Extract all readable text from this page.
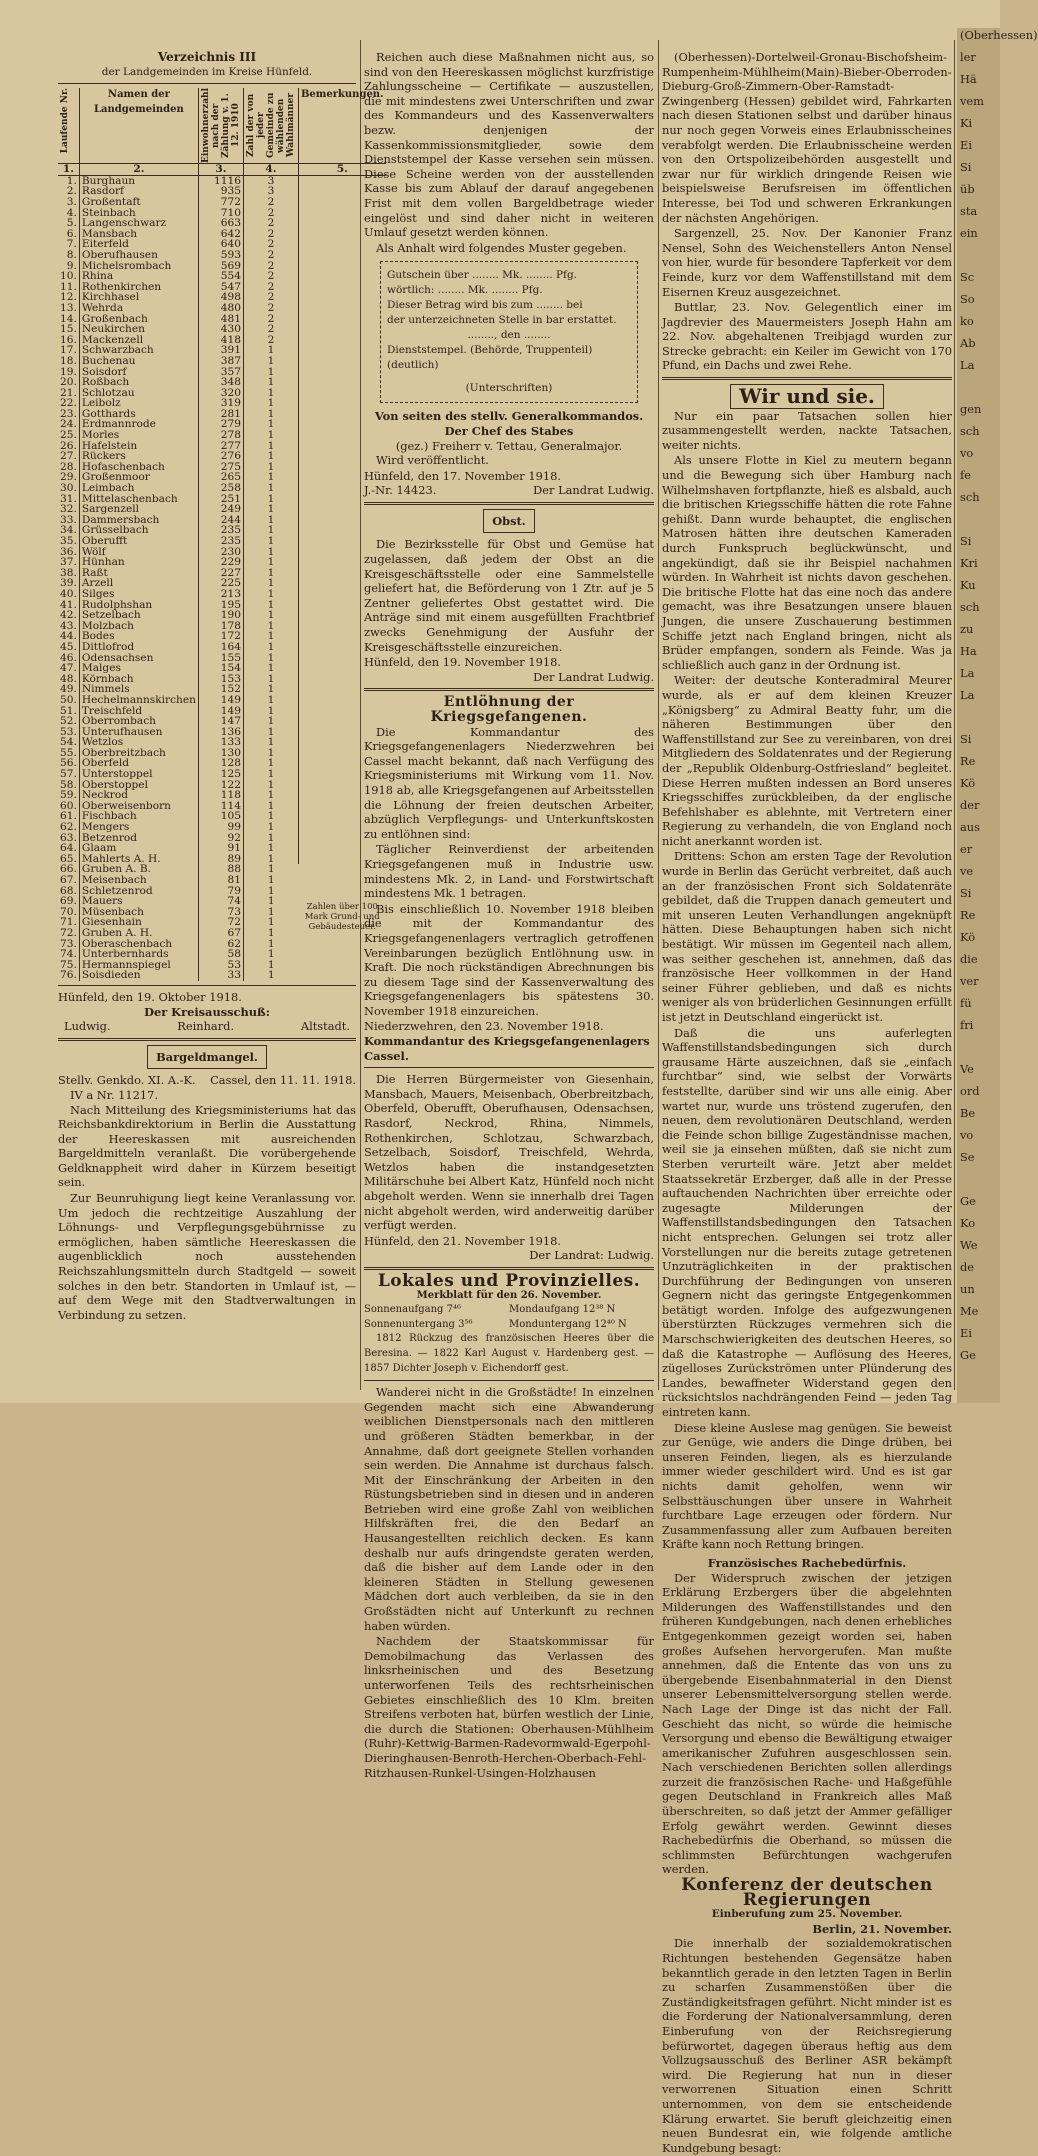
Verzeichnis III
der Landgemeinden im Kreise Hünfeld.
Laufende Nr.	Namen der Landgemeinden	Einwohnerzahl nach der Zählung v. 1. 12. 1910	Zahl der von jeder Gemeinde zu wählenden Wahlmänner	Bemerkungen.
1.	2.	3.	4.	5.
1.	Burghaun	1116	3	
2.	Rasdorf	935	3	
3.	Großentaft	772	2	
4.	Steinbach	710	2	
5.	Langenschwarz	663	2	
6.	Mansbach	642	2	
7.	Eiterfeld	640	2	
8.	Oberufhausen	593	2	
9.	Michelsrombach	569	2	
10.	Rhina	554	2	
11.	Rothenkirchen	547	2	
12.	Kirchhasel	498	2	
13.	Wehrda	480	2	
14.	Großenbach	481	2	
15.	Neukirchen	430	2	
16.	Mackenzell	418	2	
17.	Schwarzbach	391	1	
18.	Buchenau	387	1	
19.	Soisdorf	357	1	
20.	Roßbach	348	1	
21.	Schlotzau	320	1	
22.	Leibolz	319	1	
23.	Gotthards	281	1	
24.	Erdmannrode	279	1	
25.	Morles	278	1	
26.	Hafelstein	277	1	
27.	Rückers	276	1	
28.	Hofaschenbach	275	1	
29.	Großenmoor	265	1	
30.	Leimbach	258	1	
31.	Mittelaschenbach	251	1	
32.	Sargenzell	249	1	
33.	Dammersbach	244	1	
34.	Grüsselbach	235	1	
35.	Oberufft	235	1	
36.	Wölf	230	1	
37.	Hünhan	229	1	
38.	Raßt	227	1	
39.	Arzell	225	1	
40.	Silges	213	1	
41.	Rudolphshan	195	1	
42.	Setzelbach	190	1	
43.	Molzbach	178	1	
44.	Bodes	172	1	
45.	Dittlofrod	164	1	
46.	Odensachsen	155	1	
47.	Malges	154	1	
48.	Körnbach	153	1	
49.	Nimmels	152	1	
50.	Hechelmannskirchen	149	1	
51.	Treischfeld	149	1	
52.	Oberrombach	147	1	
53.	Unterufhausen	136	1	
54.	Wetzlos	133	1	
55.	Oberbreitzbach	130	1	
56.	Oberfeld	128	1	
57.	Unterstoppel	125	1	
58.	Oberstoppel	122	1	
59.	Neckrod	118	1	
60.	Oberweisenborn	114	1	
61.	Fischbach	105	1	
62.	Mengers	99	1	
63.	Betzenrod	92	1	
64.	Glaam	91	1	
65.	Mahlerts A. H.	89	1	Zahlen über 100 Mark Grund- und Gebäudesteuer.
66.	Gruben A. B.	88	1	
67.	Meisenbach	81	1	
68.	Schletzenrod	79	1	
69.	Mauers	74	1	
70.	Müsenbach	73	1	
71.	Giesenhain	72	1	
72.	Gruben A. H.	67	1	
73.	Oberaschenbach	62	1	
74.	Unterbernhards	58	1	
75.	Hermannspiegel	53	1	
76.	Soisdieden	33	1	
Hünfeld, den 19. Oktober 1918.
Der Kreisausschuß:
Ludwig.	Reinhard.	Altstadt.
Bargeldmangel.
Stellv. Genkdo. XI. A.-K. Cassel, den 11. 11. 1918.
IV a Nr. 11217.

Nach Mitteilung des Kriegsministeriums hat das Reichsbankdirektorium in Berlin die Ausstattung der Heereskassen mit ausreichenden Bargeldmitteln veranlaßt. Die vorübergehende Geldknappheit wird daher in Kürzem beseitigt sein.

Zur Beunruhigung liegt keine Veranlassung vor. Um jedoch die rechtzeitige Auszahlung der Löhnungs- und Verpflegungsgebührnisse zu ermöglichen, haben sämtliche Heereskassen die augenblicklich noch ausstehenden Reichszahlungsmitteln durch Stadtgeld — soweit solches in den betr. Standorten in Umlauf ist, — auf dem Wege mit den Stadtverwaltungen in Verbindung zu setzen.

Reichen auch diese Maßnahmen nicht aus, so sind von den Heereskassen möglichst kurzfristige Zahlungsscheine — Certifikate — auszustellen, die mit mindestens zwei Unterschriften und zwar des Kommandeurs und des Kassenverwalters bezw. denjenigen der Kassenkommissionsmitglieder, sowie dem Dienststempel der Kasse versehen sein müssen. Diese Scheine werden von der ausstellenden Kasse bis zum Ablauf der darauf angegebenen Frist mit dem vollen Bargeldbetrage wieder eingelöst und sind daher nicht in weiteren Umlauf gesetzt werden können.

Als Anhalt wird folgendes Muster gegeben.

Gutschein über ........ Mk. ........ Pfg.
wörtlich: ........ Mk. ........ Pfg.
Dieser Betrag wird bis zum ........ bei
der unterzeichneten Stelle in bar erstattet.
........, den ........
Dienststempel. (Behörde, Truppenteil)
(deutlich)
(Unterschriften)
Von seiten des stellv. Generalkommandos.
Der Chef des Stabes
(gez.) Freiherr v. Tettau, Generalmajor.

Wird veröffentlicht.

Hünfeld, den 17. November 1918.
J.-Nr. 14423.	Der Landrat Ludwig.
Obst.

Die Bezirksstelle für Obst und Gemüse hat zugelassen, daß jedem der Obst an die Kreisgeschäftsstelle oder eine Sammelstelle geliefert hat, die Beförderung von 1 Ztr. auf je 5 Zentner geliefertes Obst gestattet wird. Die Anträge sind mit einem ausgefüllten Frachtbrief zwecks Genehmigung der Ausfuhr der Kreisgeschäftsstelle einzureichen.

Hünfeld, den 19. November 1918.
Der Landrat Ludwig.
Entlöhnung der Kriegsgefangenen.

Die Kommandantur des Kriegsgefangenenlagers Niederzwehren bei Cassel macht bekannt, daß nach Verfügung des Kriegsministeriums mit Wirkung vom 11. Nov. 1918 ab, alle Kriegsgefangenen auf Arbeitsstellen die Löhnung der freien deutschen Arbeiter, abzüglich Verpflegungs- und Unterkunftskosten zu entlöhnen sind:

Täglicher Reinverdienst der arbeitenden Kriegsgefangenen muß in Industrie usw. mindestens Mk. 2, in Land- und Forstwirtschaft mindestens Mk. 1 betragen.

Bis einschließlich 10. November 1918 bleiben die mit der Kommandantur des Kriegsgefangenenlagers vertraglich getroffenen Vereinbarungen bezüglich Entlöhnung usw. in Kraft. Die noch rückständigen Abrechnungen bis zu diesem Tage sind der Kassenverwaltung des Kriegsgefangenenlagers bis spätestens 30. November 1918 einzureichen.

Niederzwehren, den 23. November 1918.
Kommandantur des Kriegsgefangenenlagers Cassel.

Die Herren Bürgermeister von Giesenhain, Mansbach, Mauers, Meisenbach, Oberbreitzbach, Oberfeld, Oberufft, Oberufhausen, Odensachsen, Rasdorf, Neckrod, Rhina, Nimmels, Rothenkirchen, Schlotzau, Schwarzbach, Setzelbach, Soisdorf, Treischfeld, Wehrda, Wetzlos haben die instandgesetzten Militärschuhe bei Albert Katz, Hünfeld noch nicht abgeholt werden. Wenn sie innerhalb drei Tagen nicht abgeholt werden, wird anderweitig darüber verfügt werden.

Hünfeld, den 21. November 1918.
Der Landrat: Ludwig.
Lokales und Provinzielles.
Merkblatt für den 26. November.
Sonnenaufgang 7⁴⁶	Mondaufgang 12³⁸ N
Sonnenuntergang 3⁵⁶	Monduntergang 12⁴⁰ N

1812 Rückzug des französischen Heeres über die Beresina. — 1822 Karl August v. Hardenberg gest. — 1857 Dichter Joseph v. Eichendorff gest.

Wanderei nicht in die Großstädte! In einzelnen Gegenden macht sich eine Abwanderung weiblichen Dienstpersonals nach den mittleren und größeren Städten bemerkbar, in der Annahme, daß dort geeignete Stellen vorhanden sein werden. Die Annahme ist durchaus falsch. Mit der Einschränkung der Arbeiten in den Rüstungsbetrieben sind in diesen und in anderen Betrieben wird eine große Zahl von weiblichen Hilfskräften frei, die den Bedarf an Hausangestellten reichlich decken. Es kann deshalb nur aufs dringendste geraten werden, daß die bisher auf dem Lande oder in den kleineren Städten in Stellung gewesenen Mädchen dort auch verbleiben, da sie in den Großstädten nicht auf Unterkunft zu rechnen haben würden.

Nachdem der Staatskommissar für Demobilmachung das Verlassen des linksrheinischen und des Besetzung unterworfenen Teils des rechtsrheinischen Gebietes einschließlich des 10 Klm. breiten Streifens verboten hat, bürfen westlich der Linie, die durch die Stationen: Oberhausen-Mühlheim (Ruhr)-Kettwig-Barmen-Radevormwald-Egerpohl-Dieringhausen-Benroth-Herchen-Oberbach-Fehl-Ritzhausen-Runkel-Usingen-Holzhausen

(Oberhessen)-Dortelweil-Gronau-Bischofsheim-Rumpenheim-Mühlheim(Main)-Bieber-Oberroden-Dieburg-Groß-Zimmern-Ober-Ramstadt-Zwingenberg (Hessen) gebildet wird, Fahrkarten nach diesen Stationen selbst und darüber hinaus nur noch gegen Vorweis eines Erlaubnisscheines verabfolgt werden. Die Erlaubnisscheine werden von den Ortspolizeibehörden ausgestellt und zwar nur für wirklich dringende Reisen wie beispielsweise Berufsreisen im öffentlichen Interesse, bei Tod und schweren Erkrankungen der nächsten Angehörigen.

Sargenzell, 25. Nov. Der Kanonier Franz Nensel, Sohn des Weichenstellers Anton Nensel von hier, wurde für besondere Tapferkeit vor dem Feinde, kurz vor dem Waffenstillstand mit dem Eisernen Kreuz ausgezeichnet.

Buttlar, 23. Nov. Gelegentlich einer im Jagdrevier des Mauermeisters Joseph Hahn am 22. Nov. abgehaltenen Treibjagd wurden zur Strecke gebracht: ein Keiler im Gewicht von 170 Pfund, ein Dachs und zwei Rehe.

Wir und sie.

Nur ein paar Tatsachen sollen hier zusammengestellt werden, nackte Tatsachen, weiter nichts.

Als unsere Flotte in Kiel zu meutern begann und die Bewegung sich über Hamburg nach Wilhelmshaven fortpflanzte, hieß es alsbald, auch die britischen Kriegsschiffe hätten die rote Fahne gehißt. Dann wurde behauptet, die englischen Matrosen hätten ihre deutschen Kameraden durch Funkspruch beglückwünscht, und angekündigt, daß sie ihr Beispiel nachahmen würden. In Wahrheit ist nichts davon geschehen. Die britische Flotte hat das eine noch das andere gemacht, was ihre Besatzungen unsere blauen Jungen, die unsere Zuschauerung bestimmen Schiffe jetzt nach England bringen, nicht als Brüder empfangen, sondern als Feinde. Was ja schließlich auch ganz in der Ordnung ist.

Weiter: der deutsche Konteradmiral Meurer wurde, als er auf dem kleinen Kreuzer „Königsberg“ zu Admiral Beatty fuhr, um die näheren Bestimmungen über den Waffenstillstand zur See zu vereinbaren, von drei Mitgliedern des Soldatenrates und der Regierung der „Republik Oldenburg-Ostfriesland“ begleitet. Diese Herren mußten indessen an Bord unseres Kriegsschiffes zurückbleiben, da der englische Befehlshaber es ablehnte, mit Vertretern einer Regierung zu verhandeln, die von England noch nicht anerkannt worden ist.

Drittens: Schon am ersten Tage der Revolution wurde in Berlin das Gerücht verbreitet, daß auch an der französischen Front sich Soldatenräte gebildet, daß die Truppen danach gemeutert und mit unseren Leuten Verhandlungen angeknüpft hätten. Diese Behauptungen haben sich nicht bestätigt. Wir müssen im Gegenteil nach allem, was seither geschehen ist, annehmen, daß das französische Heer vollkommen in der Hand seiner Führer geblieben, und daß es nichts weniger als von brüderlichen Gesinnungen erfüllt ist jetzt in Deutschland eingerückt ist.

Daß die uns auferlegten Waffenstillstandsbedingungen sich durch grausame Härte auszeichnen, daß sie „einfach furchtbar“ sind, wie selbst der Vorwärts feststellte, darüber sind wir uns alle einig. Aber wartet nur, wurde uns tröstend zugerufen, den neuen, dem revolutionären Deutschland, werden die Feinde schon billige Zugeständnisse machen, weil sie ja einsehen müßten, daß sie nicht zum Sterben verurteilt wäre. Jetzt aber meldet Staatssekretär Erzberger, daß alle in der Presse auftauchenden Nachrichten über erreichte oder zugesagte Milderungen der Waffenstillstandsbedingungen den Tatsachen nicht entsprechen. Gelungen sei trotz aller Vorstellungen nur die bereits zutage getretenen Unzuträglichkeiten in der praktischen Durchführung der Bedingungen von unseren Gegnern nicht das geringste Entgegenkommen betätigt worden. Infolge des aufgezwungenen überstürzten Rückzuges vermehren sich die Marschschwierigkeiten des deutschen Heeres, so daß die Katastrophe — Auflösung des Heeres, zügelloses Zurückströmen unter Plünderung des Landes, bewaffneter Widerstand gegen den rücksichtslos nachdrängenden Feind — jeden Tag eintreten kann.

Diese kleine Auslese mag genügen. Sie beweist zur Genüge, wie anders die Dinge drüben, bei unseren Feinden, liegen, als es hierzulande immer wieder geschildert wird. Und es ist gar nichts damit geholfen, wenn wir Selbsttäuschungen über unsere in Wahrheit furchtbare Lage erzeugen oder fördern. Nur Zusammenfassung aller zum Aufbauen bereiten Kräfte kann noch Rettung bringen.

Französisches Rachebedürfnis.

Der Widerspruch zwischen der jetzigen Erklärung Erzbergers über die abgelehnten Milderungen des Waffenstillstandes und den früheren Kundgebungen, nach denen erhebliches Entgegenkommen gezeigt worden sei, haben großes Aufsehen hervorgerufen. Man mußte annehmen, daß die Entente das von uns zu übergebende Eisenbahnmaterial in den Dienst unserer Lebensmittelversorgung stellen werde. Nach Lage der Dinge ist das nicht der Fall. Geschieht das nicht, so würde die heimische Versorgung und ebenso die Bewältigung etwaiger amerikanischer Zufuhren ausgeschlossen sein. Nach verschiedenen Berichten sollen allerdings zurzeit die französischen Rache- und Haßgefühle gegen Deutschland in Frankreich alles Maß überschreiten, so daß jetzt der Ammer gefälliger Erfolg gewährt werden. Gewinnt dieses Rachebedürfnis die Oberhand, so müssen die schlimmsten Befürchtungen wachgerufen werden.

Konferenz der deutschen Regierungen
Einberufung zum 25. November.
Berlin, 21. November.

Die innerhalb der sozialdemokratischen Richtungen bestehenden Gegensätze haben bekanntlich gerade in den letzten Tagen in Berlin zu scharfen Zusammenstößen über die Zuständigkeitsfragen geführt. Nicht minder ist es die Forderung der Nationalversammlung, deren Einberufung von der Reichsregierung befürwortet, dagegen überaus heftig aus dem Vollzugsausschuß des Berliner ASR bekämpft wird. Die Regierung hat nun in dieser verworrenen Situation einen Schritt unternommen, von dem sie entscheidende Klärung erwartet. Sie beruft gleichzeitig einen neuen Bundesrat ein, wie folgende amtliche Kundgebung besagt:

(Oberhessen)
ler
Hä
vem
Ki
Ei
Si
üb
sta
ein
Sc
So
ko
Ab
La
gen
sch
vo
fe
sch
Si
Kri
Ku
sch
zu
Ha
La
La
Si
Re
Kö
der
aus
er
ve
Si
Re
Kö
die
ver
fü
fri
Ve
ord
Be
vo
Se
Ge
Ko
We
de
un
Me
Ei
Ge
